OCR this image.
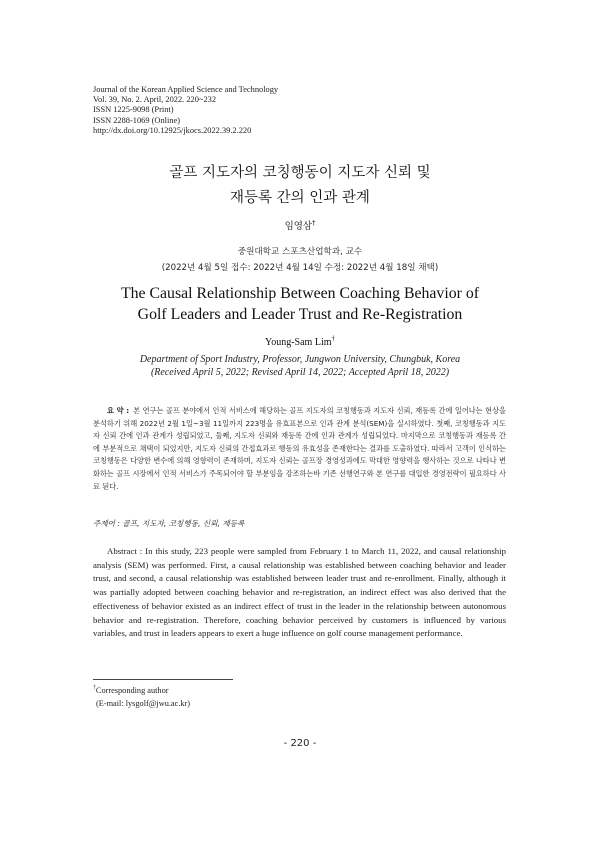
Journal of the Korean Applied Science and Technology
Vol. 39, No. 2. April, 2022. 220~232
ISSN 1225-9098 (Print)
ISSN 2288-1069 (Online)
http://dx.doi.org/10.12925/jkocs.2022.39.2.220
골프 지도자의 코칭행동이 지도자 신뢰 및
재등록 간의 인과 관계
임영삼†
중원대학교 스포츠산업학과, 교수
(2022년 4월 5일 접수: 2022년 4월 14일 수정: 2022년 4월 18일 채택)
The Causal Relationship Between Coaching Behavior of
Golf Leaders and Leader Trust and Re-Registration
Young-Sam Lim†
Department of Sport Industry, Professor, Jungwon University, Chungbuk, Korea
(Received April 5, 2022; Revised April 14, 2022; Accepted April 18, 2022)
요 약 : 본 연구는 골프 분야에서 인적 서비스에 해당하는 골프 지도자의 코칭행동과 지도자 신뢰, 재등록 간에 일어나는 현상을 분석하기 위해 2022년 2월 1일~3월 11일까지 223명을 유효표본으로 인과 관계 분석(SEM)을 실시하였다. 첫째, 코칭행동과 지도자 신뢰 간에 인과 관계가 성립되었고, 둘째, 지도자 신뢰와 재등록 간에 인과 관계가 성립되었다. 마지막으로 코칭행동과 재등록 간에 부분적으로 채택이 되었지만, 지도자 신뢰의 간접효과로 행동의 유효성을 존재한다는 결과를 도출하였다. 따라서 고객이 인식하는 코칭행동은 다양한 변수에 의해 영향력이 존재하며, 지도자 신뢰는 골프장 경영성과에도 막대한 영향력을 행사하는 것으로 나타나 변화하는 골프 시장에서 인적 서비스가 주목되어야 할 부분임을 강조하는바 기존 선행연구와 본 연구를 대입한 경영전략이 필요하다 사료 된다.
주제어 : 골프, 지도자, 코칭행동, 신뢰, 재등록
Abstract : In this study, 223 people were sampled from February 1 to March 11, 2022, and causal relationship analysis (SEM) was performed. First, a causal relationship was established between coaching behavior and leader trust, and second, a causal relationship was established between leader trust and re-enrollment. Finally, although it was partially adopted between coaching behavior and re-registration, an indirect effect was also derived that the effectiveness of behavior existed as an indirect effect of trust in the leader in the relationship between autonomous behavior and re-registration. Therefore, coaching behavior perceived by customers is influenced by various variables, and trust in leaders appears to exert a huge influence on golf course management performance.
†Corresponding author
(E-mail: lysgolf@jwu.ac.kr)
- 220 -
